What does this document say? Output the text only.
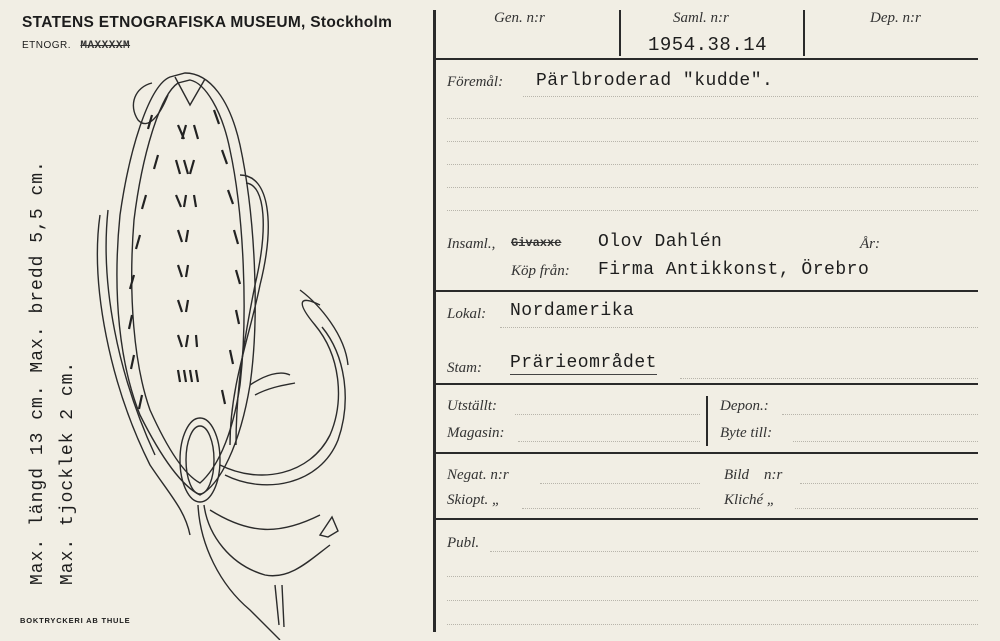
STATENS ETNOGRAFISKA MUSEUM, Stockholm
ETNOGR. MAXXXXM
Max. längd 13 cm. Max. bredd 5,5 cm. Max. tjocklek 2 cm.
BOKTRYCKERI AB THULE
Gen. n:r	Saml. n:r
1954.38.14
Dep. n:r
Föremål: Pärlbroderad "kudde".
Insaml., Givaxxe Olov Dahlén	År:
Köp från: Firma Antikkonst, Örebro
Lokal: Nordamerika
Stam: Prärieområdet
Utställt:
Magasin:
Depon.:
Byte till:
Negat. n:r
Skiopt. „
Bild    n:r
Kliché „
Publ.
